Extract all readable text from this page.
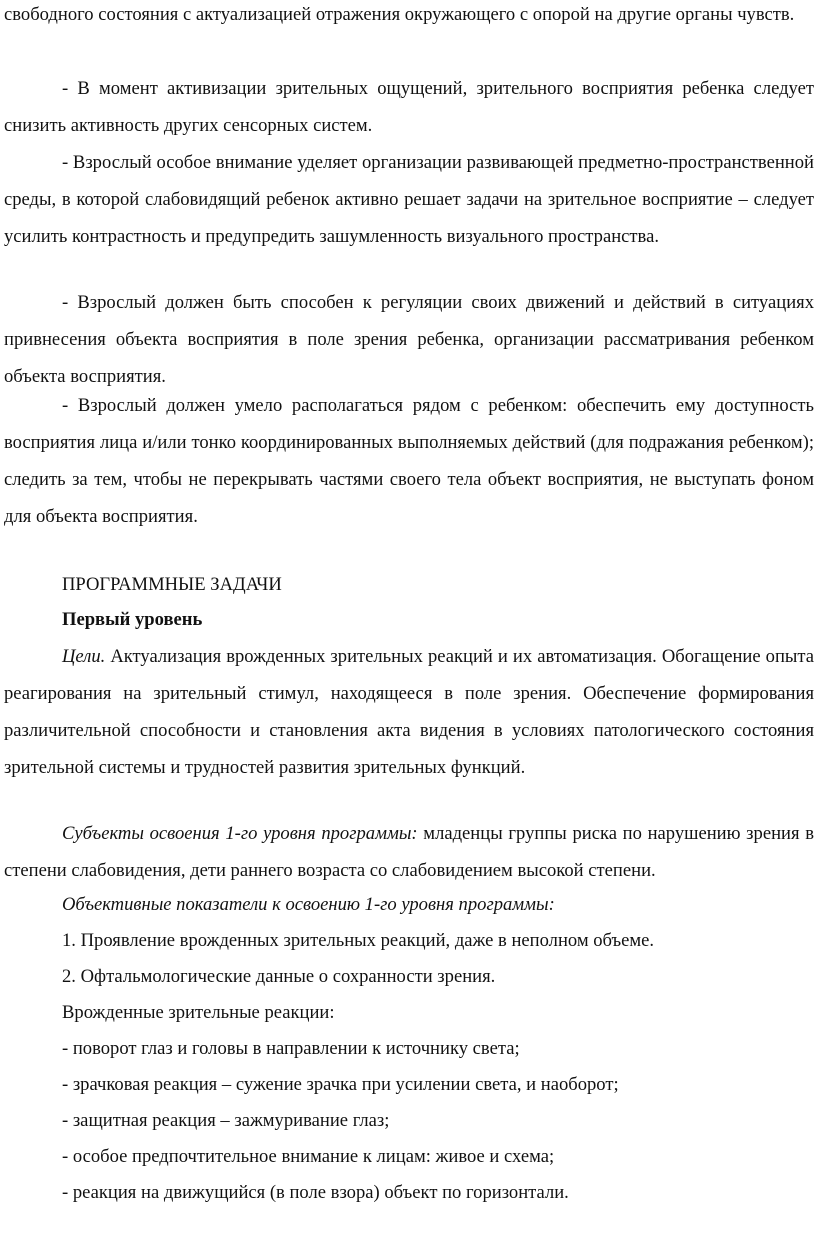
свободного состояния с актуализацией отражения окружающего с опорой на другие органы чувств.

- В момент активизации зрительных ощущений, зрительного восприятия ребенка следует снизить активность других сенсорных систем.

- Взрослый особое внимание уделяет организации развивающей предметно-пространственной среды, в которой слабовидящий ребенок активно решает задачи на зрительное восприятие – следует усилить контрастность и предупредить зашумленность визуального пространства.

- Взрослый должен быть способен к регуляции своих движений и действий в ситуациях привнесения объекта восприятия в поле зрения ребенка, организации рассматривания ребенком объекта восприятия.

- Взрослый должен умело располагаться рядом с ребенком: обеспечить ему доступность восприятия лица и/или тонко координированных выполняемых действий (для подражания ребенком); следить за тем, чтобы не перекрывать частями своего тела объект восприятия, не выступать фоном для объекта восприятия.

ПРОГРАММНЫЕ ЗАДАЧИ

Первый уровень

Цели. Актуализация врожденных зрительных реакций и их автоматизация. Обогащение опыта реагирования на зрительный стимул, находящееся в поле зрения. Обеспечение формирования различительной способности и становления акта видения в условиях патологического состояния зрительной системы и трудностей развития зрительных функций.

Субъекты освоения 1-го уровня программы: младенцы группы риска по нарушению зрения в степени слабовидения, дети раннего возраста со слабовидением высокой степени.

Объективные показатели к освоению 1-го уровня программы:

1. Проявление врожденных зрительных реакций, даже в неполном объеме.

2. Офтальмологические данные о сохранности зрения.

Врожденные зрительные реакции:

- поворот глаз и головы в направлении к источнику света;

- зрачковая реакция – сужение зрачка при усилении света, и наоборот;

- защитная реакция – зажмуривание глаз;

- особое предпочтительное внимание к лицам: живое и схема;

- реакция на движущийся (в поле взора) объект по горизонтали.
